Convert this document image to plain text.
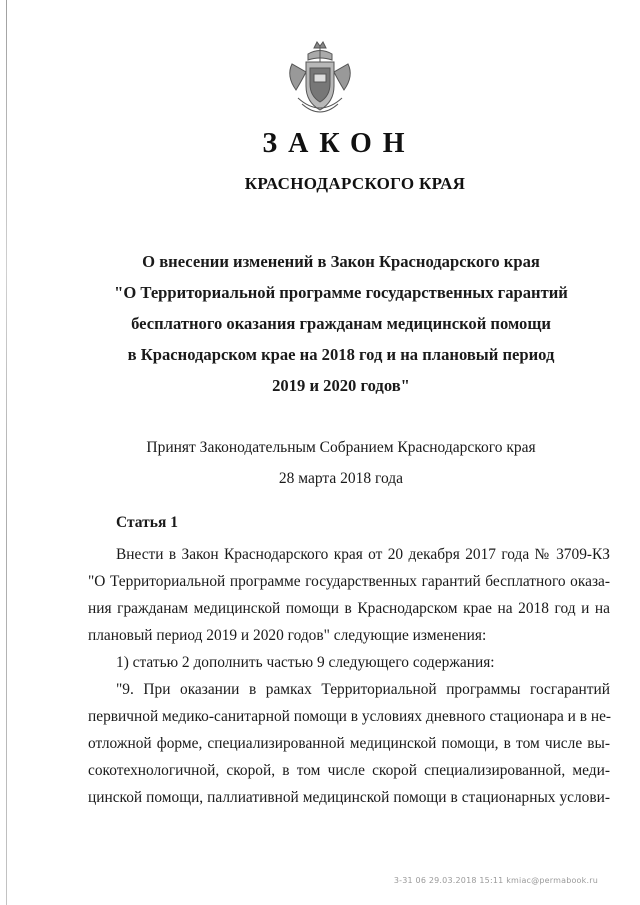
ЗАКОН
КРАСНОДАРСКОГО КРАЯ
О внесении изменений в Закон Краснодарского края
"О Территориальной программе государственных гарантий
бесплатного оказания гражданам медицинской помощи
в Краснодарском крае на 2018 год и на плановый период
2019 и 2020 годов"
Принят Законодательным Собранием Краснодарского края
28 марта 2018 года
Статья 1
Внести в Закон Краснодарского края от 20 декабря 2017 года № 3709-КЗ
"О Территориальной программе государственных гарантий бесплатного оказа-
ния гражданам медицинской помощи в Краснодарском крае на 2018 год и на
плановый период 2019 и 2020 годов" следующие изменения:
1) статью 2 дополнить частью 9 следующего содержания:
"9. При оказании в рамках Территориальной программы госгарантий
первичной медико-санитарной помощи в условиях дневного стационара и в не-
отложной форме, специализированной медицинской помощи, в том числе вы-
сокотехнологичной, скорой, в том числе скорой специализированной, меди-
цинской помощи, паллиативной медицинской помощи в стационарных услови-
3-31 06 29.03.2018 15:11 kmiac@permabook.ru
